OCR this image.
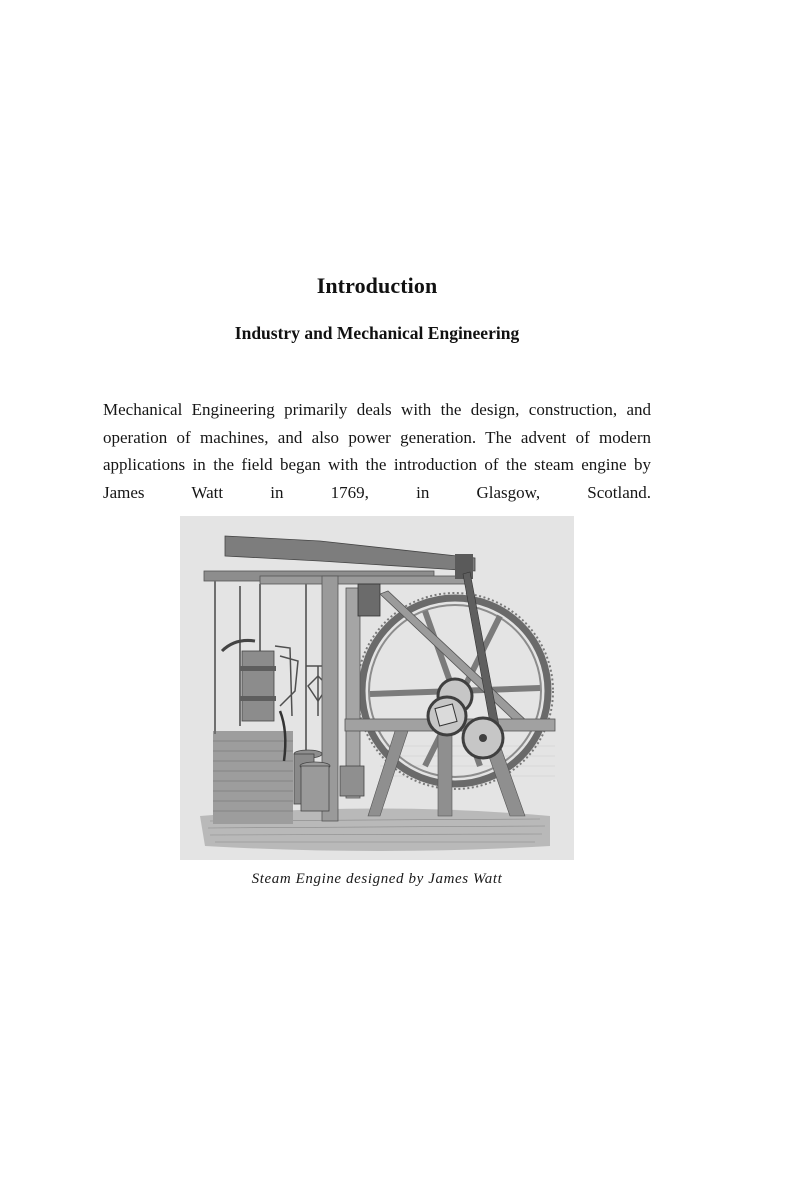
Introduction
Industry and Mechanical Engineering

Mechanical Engineering primarily deals with the design, construction, and operation of machines, and also power generation. The advent of modern applications in the field began with the introduction of the steam engine by James Watt in 1769, in Glasgow, Scotland.

Steam Engine designed by James Watt
